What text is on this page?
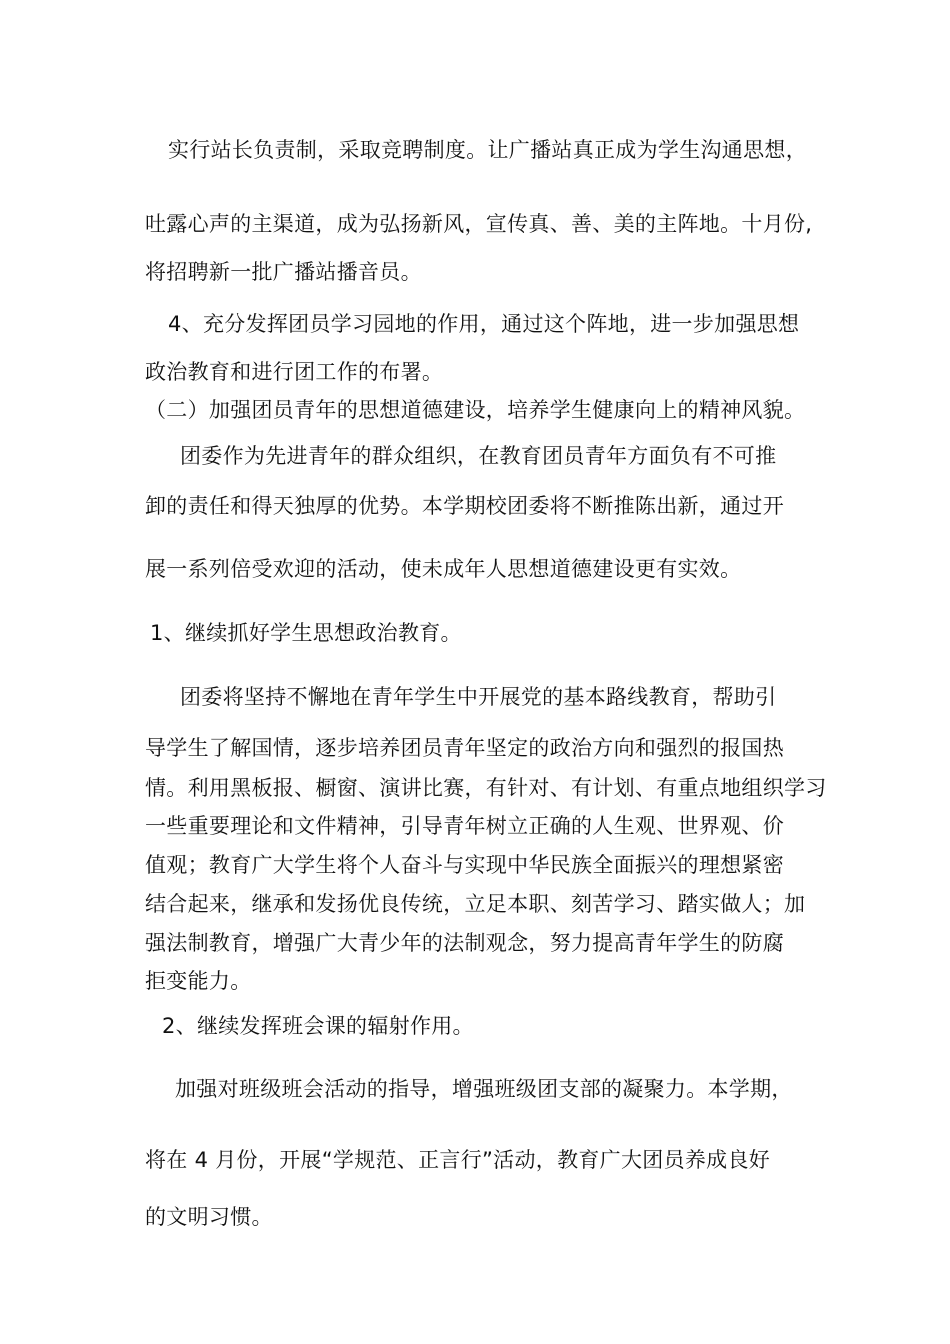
实行站长负责制，采取竞聘制度。让广播站真正成为学生沟通思想，
吐露心声的主渠道，成为弘扬新风，宣传真、善、美的主阵地。十月份,
将招聘新一批广播站播音员。
4、充分发挥团员学习园地的作用，通过这个阵地，进一步加强思想
政治教育和进行团工作的布署。
（二）加强团员青年的思想道德建设，培养学生健康向上的精神风貌。
团委作为先进青年的群众组织，在教育团员青年方面负有不可推
卸的责任和得天独厚的优势。本学期校团委将不断推陈出新，通过开
展一系列倍受欢迎的活动，使未成年人思想道德建设更有实效。
1、继续抓好学生思想政治教育。
团委将坚持不懈地在青年学生中开展党的基本路线教育，帮助引
导学生了解国情，逐步培养团员青年坚定的政治方向和强烈的报国热
情。利用黑板报、橱窗、演讲比赛，有针对、有计划、有重点地组织学习
一些重要理论和文件精神，引导青年树立正确的人生观、世界观、价
值观；教育广大学生将个人奋斗与实现中华民族全面振兴的理想紧密
结合起来，继承和发扬优良传统，立足本职、刻苦学习、踏实做人；加
强法制教育，增强广大青少年的法制观念，努力提高青年学生的防腐
拒变能力。
2、继续发挥班会课的辐射作用。
加强对班级班会活动的指导，增强班级团支部的凝聚力。本学期，
将在 4 月份，开展“学规范、正言行”活动，教育广大团员养成良好
的文明习惯。
